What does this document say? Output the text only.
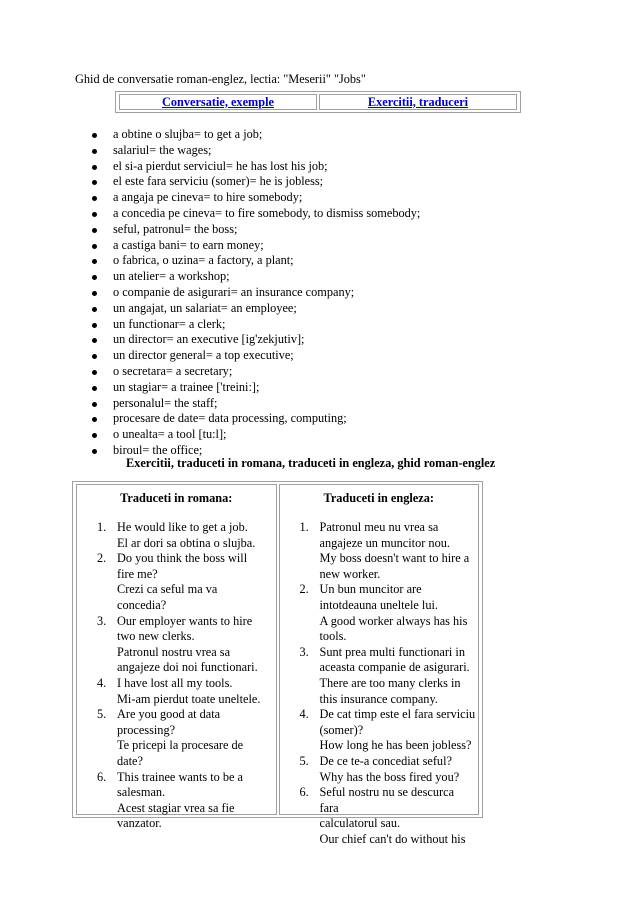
Ghid de conversatie roman-englez, lectia: "Meserii" "Jobs"
Conversatie, exemple	Exercitii, traduceri
a obtine o slujba= to get a job;
salariul= the wages;
el si-a pierdut serviciul= he has lost his job;
el este fara serviciu (somer)= he is jobless;
a angaja pe cineva= to hire somebody;
a concedia pe cineva= to fire somebody, to dismiss somebody;
seful, patronul= the boss;
a castiga bani= to earn money;
o fabrica, o uzina= a factory, a plant;
un atelier= a workshop;
o companie de asigurari= an insurance company;
un angajat, un salariat= an employee;
un functionar= a clerk;
un director= an executive [ig'zekjutiv];
un director general= a top executive;
o secretara= a secretary;
un stagiar= a trainee ['treini:];
personalul= the staff;
procesare de date= data processing, computing;
o unealta= a tool [tu:l];
biroul= the office;
Exercitii, traduceti in romana, traduceti in engleza, ghid roman-englez
Traduceti in romana:
1. He would like to get a job.
El ar dori sa obtina o slujba.
2. Do you think the boss will
fire me?
Crezi ca seful ma va
concedia?
3. Our employer wants to hire
two new clerks.
Patronul nostru vrea sa
angajeze doi noi functionari.
4. I have lost all my tools.
Mi-am pierdut toate uneltele.
5. Are you good at data
processing?
Te pricepi la procesare de
date?
6. This trainee wants to be a
salesman.
Acest stagiar vrea sa fie
vanzator.
Traduceti in engleza:
1. Patronul meu nu vrea sa
angajeze un muncitor nou.
My boss doesn't want to hire a
new worker.
2. Un bun muncitor are
intotdeauna uneltele lui.
A good worker always has his
tools.
3. Sunt prea multi functionari in
aceasta companie de asigurari.
There are too many clerks in
this insurance company.
4. De cat timp este el fara serviciu
(somer)?
How long he has been jobless?
5. De ce te-a concediat seful?
Why has the boss fired you?
6. Seful nostru nu se descurca fara
calculatorul sau.
Our chief can't do without his
